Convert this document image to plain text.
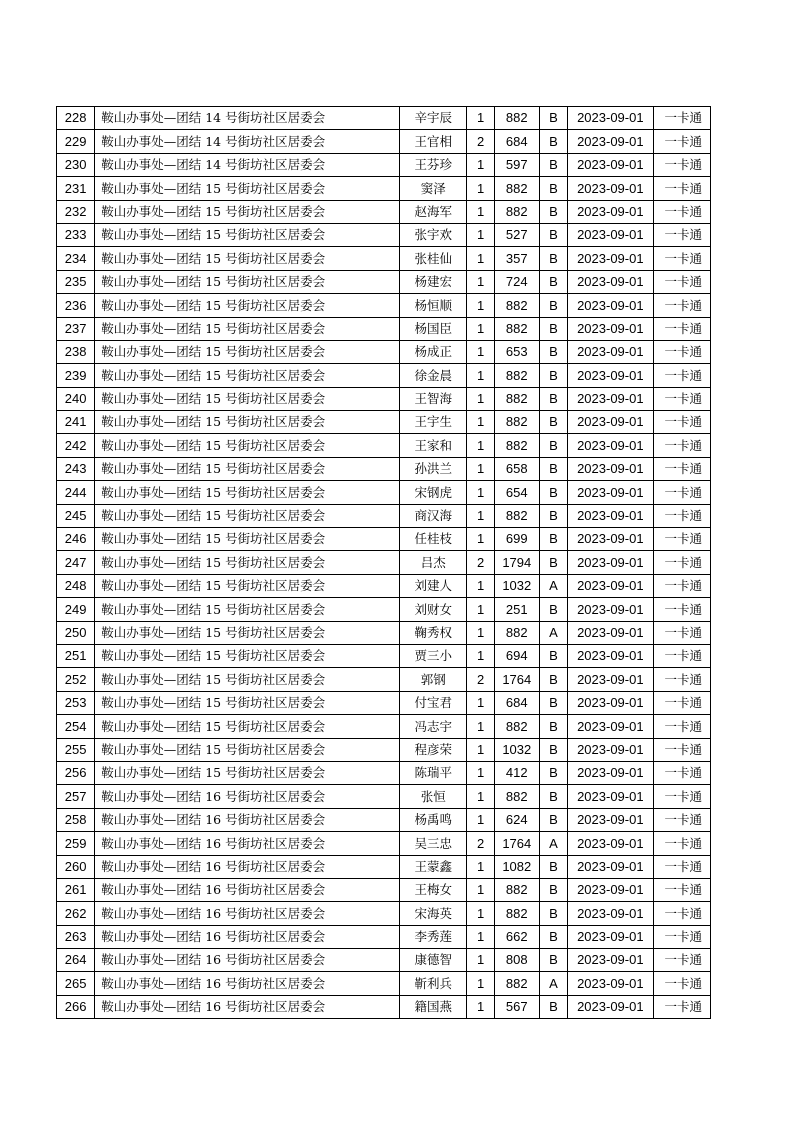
228	鞍山办事处—团结 14 号街坊社区居委会	辛宇辰	1	882	B	2023-09-01	一卡通
229	鞍山办事处—团结 14 号街坊社区居委会	王官相	2	684	B	2023-09-01	一卡通
230	鞍山办事处—团结 14 号街坊社区居委会	王芬珍	1	597	B	2023-09-01	一卡通
231	鞍山办事处—团结 15 号街坊社区居委会	窦泽	1	882	B	2023-09-01	一卡通
232	鞍山办事处—团结 15 号街坊社区居委会	赵海军	1	882	B	2023-09-01	一卡通
233	鞍山办事处—团结 15 号街坊社区居委会	张宇欢	1	527	B	2023-09-01	一卡通
234	鞍山办事处—团结 15 号街坊社区居委会	张桂仙	1	357	B	2023-09-01	一卡通
235	鞍山办事处—团结 15 号街坊社区居委会	杨建宏	1	724	B	2023-09-01	一卡通
236	鞍山办事处—团结 15 号街坊社区居委会	杨恒顺	1	882	B	2023-09-01	一卡通
237	鞍山办事处—团结 15 号街坊社区居委会	杨国臣	1	882	B	2023-09-01	一卡通
238	鞍山办事处—团结 15 号街坊社区居委会	杨成正	1	653	B	2023-09-01	一卡通
239	鞍山办事处—团结 15 号街坊社区居委会	徐金晨	1	882	B	2023-09-01	一卡通
240	鞍山办事处—团结 15 号街坊社区居委会	王智海	1	882	B	2023-09-01	一卡通
241	鞍山办事处—团结 15 号街坊社区居委会	王宇生	1	882	B	2023-09-01	一卡通
242	鞍山办事处—团结 15 号街坊社区居委会	王家和	1	882	B	2023-09-01	一卡通
243	鞍山办事处—团结 15 号街坊社区居委会	孙洪兰	1	658	B	2023-09-01	一卡通
244	鞍山办事处—团结 15 号街坊社区居委会	宋钢虎	1	654	B	2023-09-01	一卡通
245	鞍山办事处—团结 15 号街坊社区居委会	商汉海	1	882	B	2023-09-01	一卡通
246	鞍山办事处—团结 15 号街坊社区居委会	任桂枝	1	699	B	2023-09-01	一卡通
247	鞍山办事处—团结 15 号街坊社区居委会	吕杰	2	1794	B	2023-09-01	一卡通
248	鞍山办事处—团结 15 号街坊社区居委会	刘建人	1	1032	A	2023-09-01	一卡通
249	鞍山办事处—团结 15 号街坊社区居委会	刘财女	1	251	B	2023-09-01	一卡通
250	鞍山办事处—团结 15 号街坊社区居委会	鞠秀权	1	882	A	2023-09-01	一卡通
251	鞍山办事处—团结 15 号街坊社区居委会	贾三小	1	694	B	2023-09-01	一卡通
252	鞍山办事处—团结 15 号街坊社区居委会	郭钢	2	1764	B	2023-09-01	一卡通
253	鞍山办事处—团结 15 号街坊社区居委会	付宝君	1	684	B	2023-09-01	一卡通
254	鞍山办事处—团结 15 号街坊社区居委会	冯志宇	1	882	B	2023-09-01	一卡通
255	鞍山办事处—团结 15 号街坊社区居委会	程彦荣	1	1032	B	2023-09-01	一卡通
256	鞍山办事处—团结 15 号街坊社区居委会	陈瑞平	1	412	B	2023-09-01	一卡通
257	鞍山办事处—团结 16 号街坊社区居委会	张恒	1	882	B	2023-09-01	一卡通
258	鞍山办事处—团结 16 号街坊社区居委会	杨禹鸣	1	624	B	2023-09-01	一卡通
259	鞍山办事处—团结 16 号街坊社区居委会	吴三忠	2	1764	A	2023-09-01	一卡通
260	鞍山办事处—团结 16 号街坊社区居委会	王蒙鑫	1	1082	B	2023-09-01	一卡通
261	鞍山办事处—团结 16 号街坊社区居委会	王梅女	1	882	B	2023-09-01	一卡通
262	鞍山办事处—团结 16 号街坊社区居委会	宋海英	1	882	B	2023-09-01	一卡通
263	鞍山办事处—团结 16 号街坊社区居委会	李秀莲	1	662	B	2023-09-01	一卡通
264	鞍山办事处—团结 16 号街坊社区居委会	康德智	1	808	B	2023-09-01	一卡通
265	鞍山办事处—团结 16 号街坊社区居委会	靳利兵	1	882	A	2023-09-01	一卡通
266	鞍山办事处—团结 16 号街坊社区居委会	籍国燕	1	567	B	2023-09-01	一卡通
